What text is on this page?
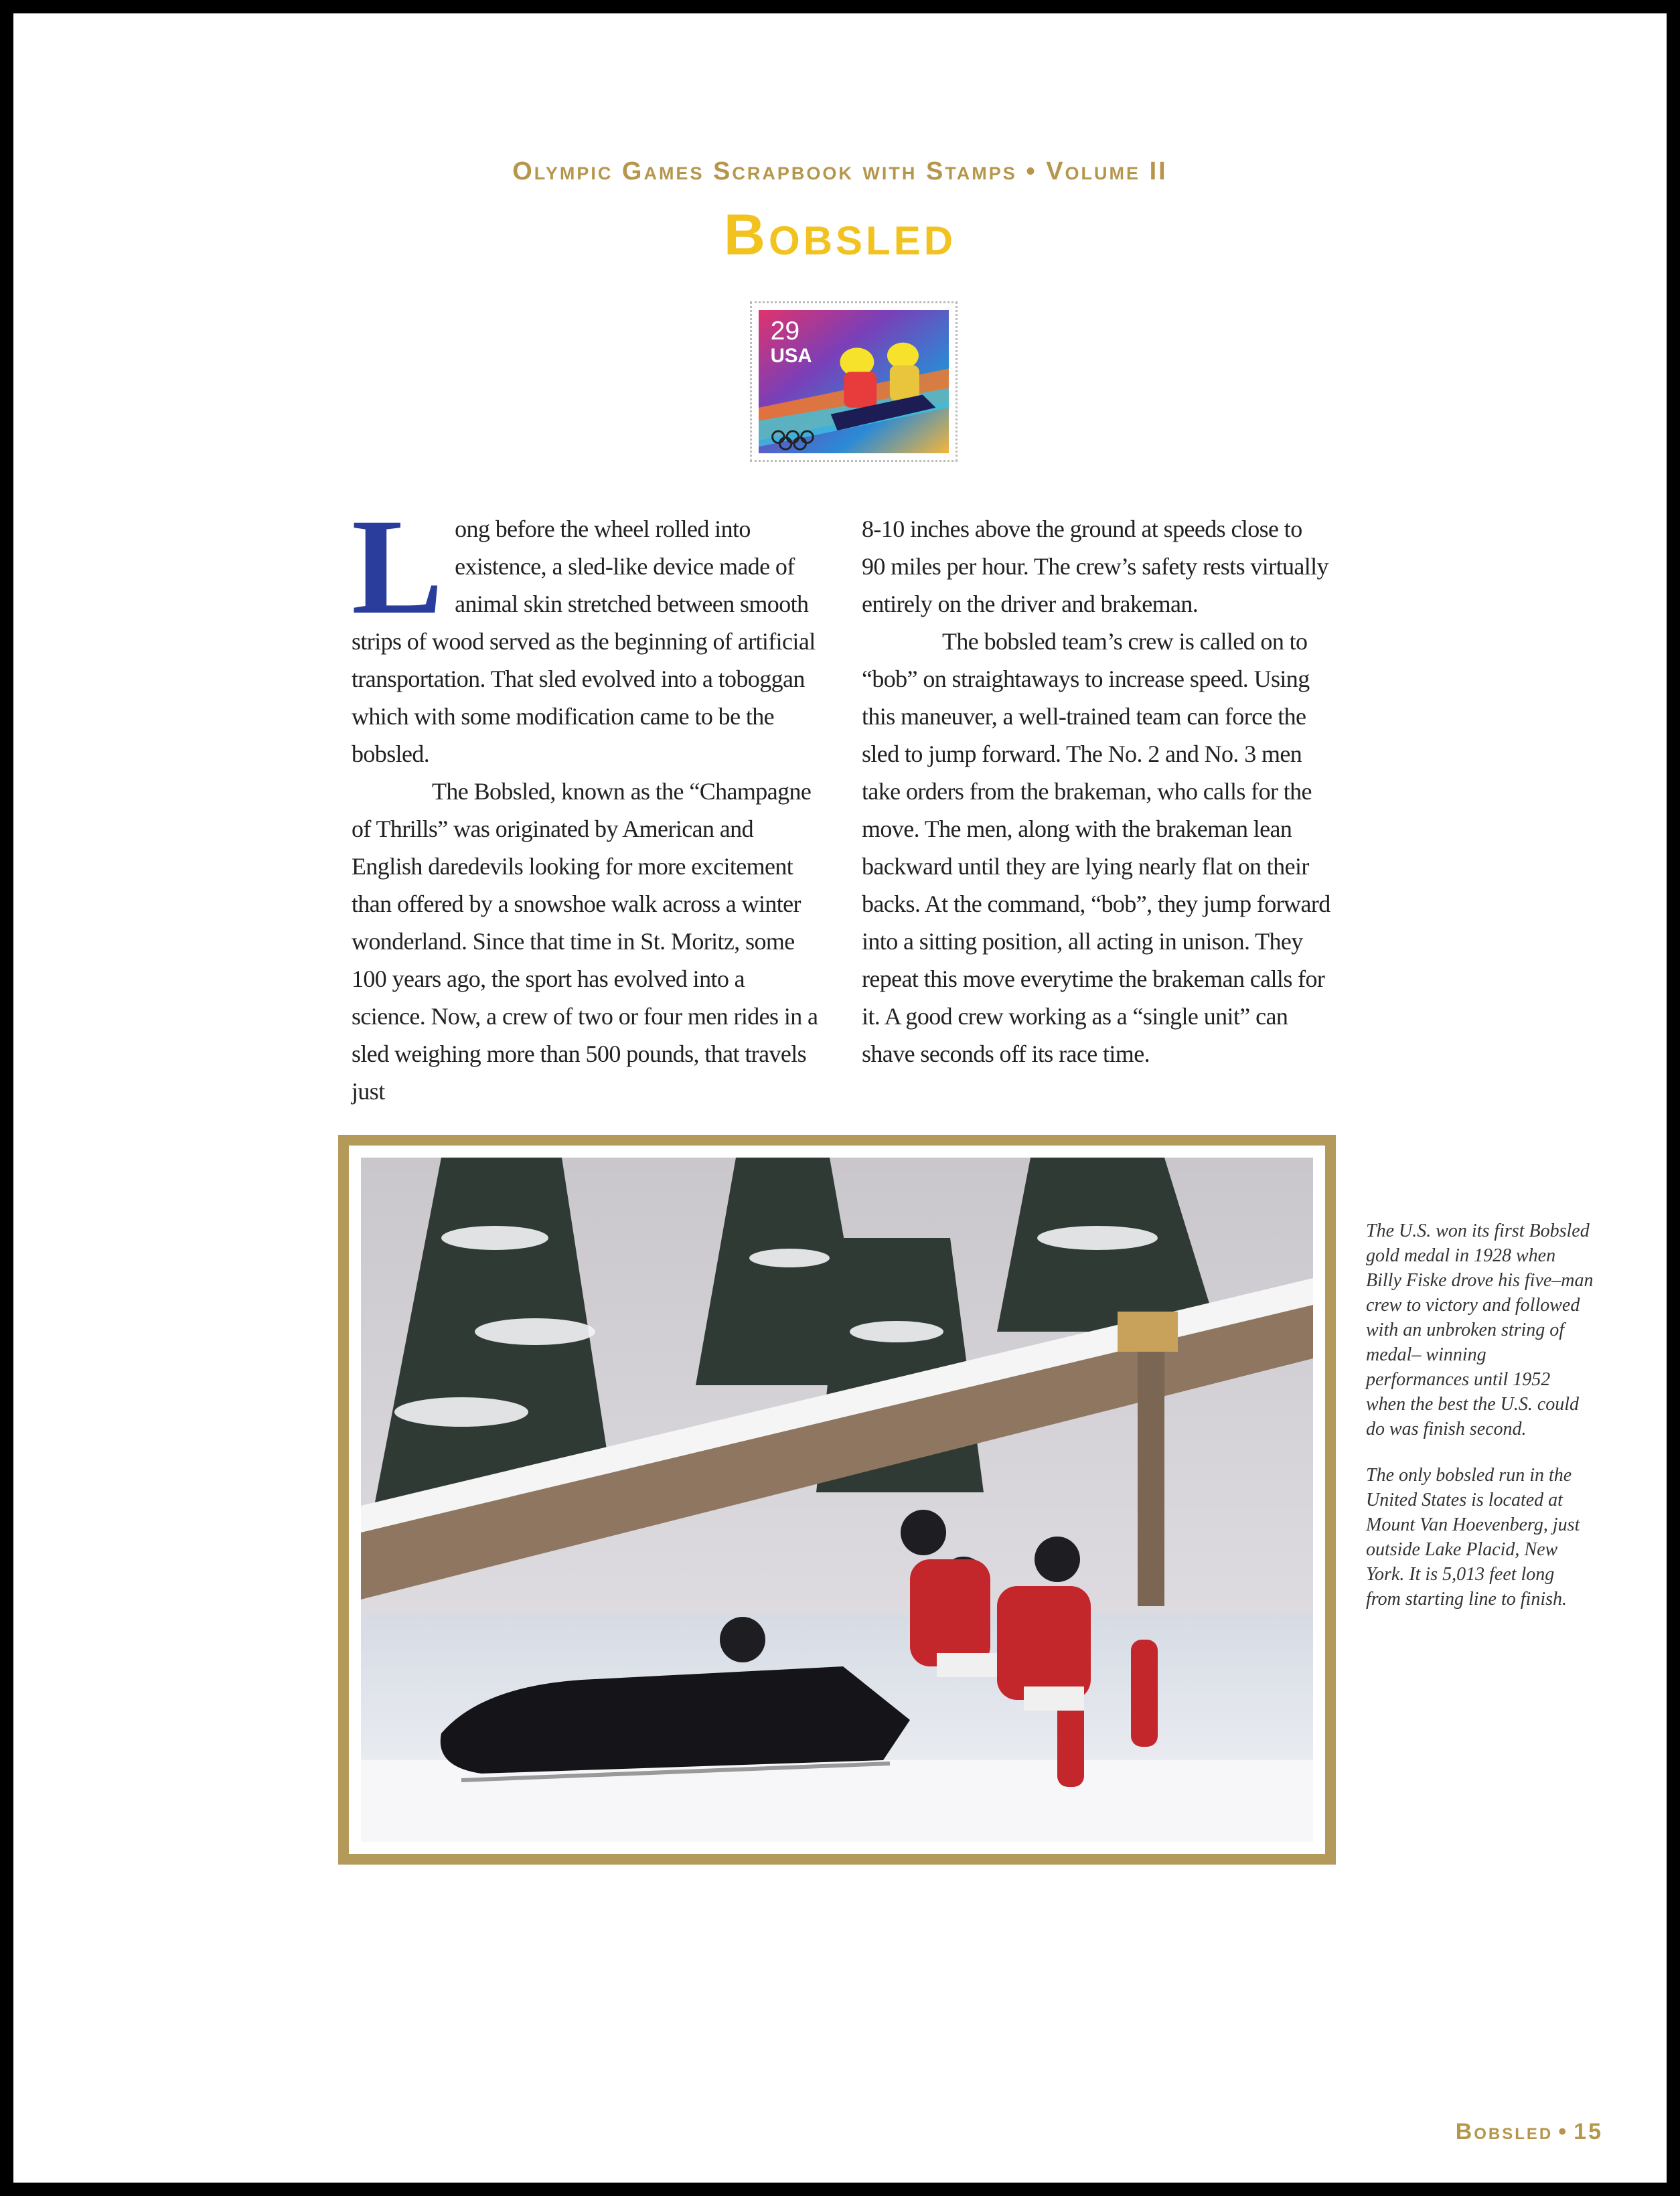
Olympic Games Scrapbook with Stamps • Volume II
Bobsled
29
USA

Long before the wheel rolled into existence, a sled-like device made of animal skin stretched between smooth strips of wood served as the beginning of artificial transportation. That sled evolved into a toboggan which with some modification came to be the bobsled.

The Bobsled, known as the “Champagne of Thrills” was originated by American and English daredevils looking for more excitement than offered by a snowshoe walk across a winter wonderland. Since that time in St. Moritz, some 100 years ago, the sport has evolved into a science. Now, a crew of two or four men rides in a sled weighing more than 500 pounds, that travels just

8-10 inches above the ground at speeds close to 90 miles per hour. The crew’s safety rests virtually entirely on the driver and brakeman.

The bobsled team’s crew is called on to “bob” on straightaways to increase speed. Using this maneuver, a well-trained team can force the sled to jump forward. The No. 2 and No. 3 men take orders from the brakeman, who calls for the move. The men, along with the brakeman lean backward until they are lying nearly flat on their backs. At the command, “bob”, they jump forward into a sitting position, all acting in unison. They repeat this move everytime the brakeman calls for it. A good crew working as a “single unit” can shave seconds off its race time.

The U.S. won its first Bobsled gold medal in 1928 when Billy Fiske drove his five–man crew to victory and followed with an unbroken string of medal– winning performances until 1952 when the best the U.S. could do was finish second.

The only bobsled run in the United States is located at Mount Van Hoevenberg, just outside Lake Placid, New York. It is 5,013 feet long from starting line to finish.

Bobsled • 15
